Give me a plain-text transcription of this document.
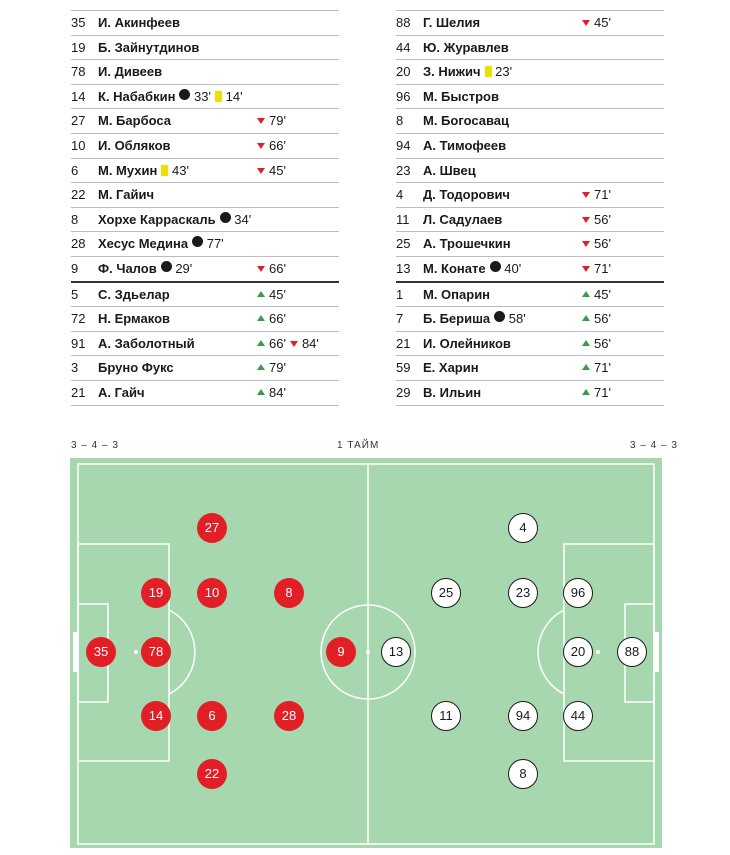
35 И. Акинфеев
19 Б. Зайнутдинов
78 И. Дивеев
14 К. Набабкин 33' 14'
27 М. Барбоса	79'
10 И. Обляков	66'
6	М. Мухин 43'	45'
22 М. Гайич
8	Хорхе Карраскаль 34'
28 Хесус Медина 77'
9	Ф. Чалов 29'	66'
5	С. Здьелар	45'
72 Н. Ермаков	66'
91 А. Заболотный	66' 84'
3	Бруно Фукс	79'
21 А. Гайч	84'
88 Г. Шелия	45'
44 Ю. Журавлев
20 З. Нижич 23'
96 М. Быстров
8	М. Богосавац
94 А. Тимофеев
23 А. Швец
4	Д. Тодорович	71'
11	Л. Садулаев	56'
25 А. Трошечкин	56'
13 М. Конате 40'	71'
1	М. Опарин	45'
7	Б. Бериша 58'	56'
21 И. Олейников	56'
59 Е. Харин	71'
29 В. Ильин	71'
3 – 4 – 3	1 ТАЙМ	3 – 4 – 3
27
19	10	8
35	78	9
14	6	28
22
4
25	23	96
13	20	88
11	94	44
8
